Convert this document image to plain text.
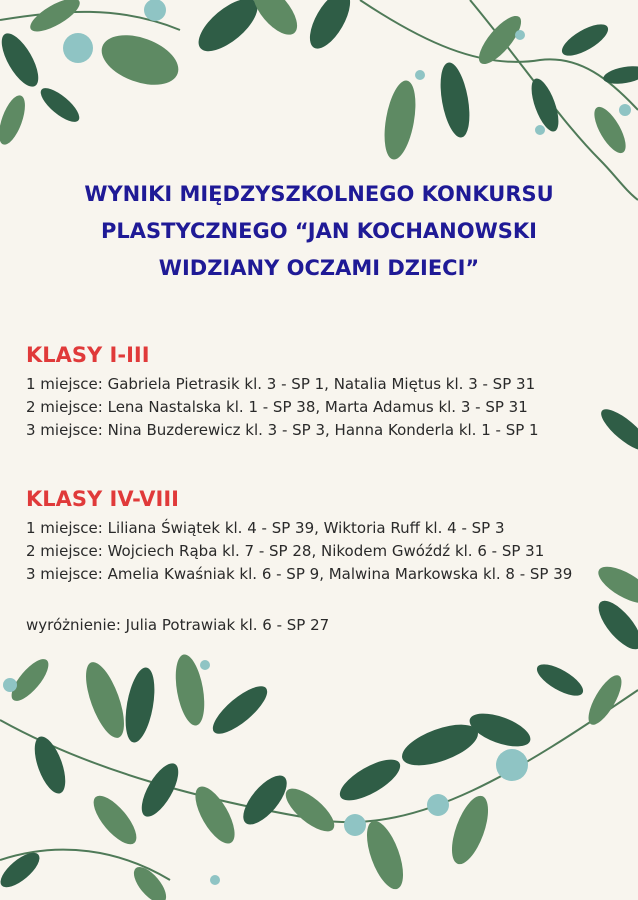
WYNIKI MIĘDZYSZKOLNEGO KONKURSU
PLASTYCZNEGO “JAN KOCHANOWSKI
WIDZIANY OCZAMI DZIECI”
KLASY I-III
1 miejsce: Gabriela Pietrasik kl. 3 - SP 1, Natalia Miętus kl. 3 - SP 31
2 miejsce: Lena Nastalska kl. 1 - SP 38, Marta Adamus kl. 3 - SP 31
3 miejsce: Nina Buzderewicz kl. 3 - SP 3, Hanna Konderla kl. 1 - SP 1
KLASY IV-VIII
1 miejsce: Liliana Świątek kl. 4 - SP 39, Wiktoria Ruff kl. 4 - SP 3
2 miejsce: Wojciech Rąba kl. 7 - SP 28, Nikodem Gwóźdź kl. 6 - SP 31
3 miejsce: Amelia Kwaśniak kl. 6 - SP 9, Malwina Markowska kl. 8 - SP 39
wyróżnienie: Julia Potrawiak kl. 6 - SP 27
